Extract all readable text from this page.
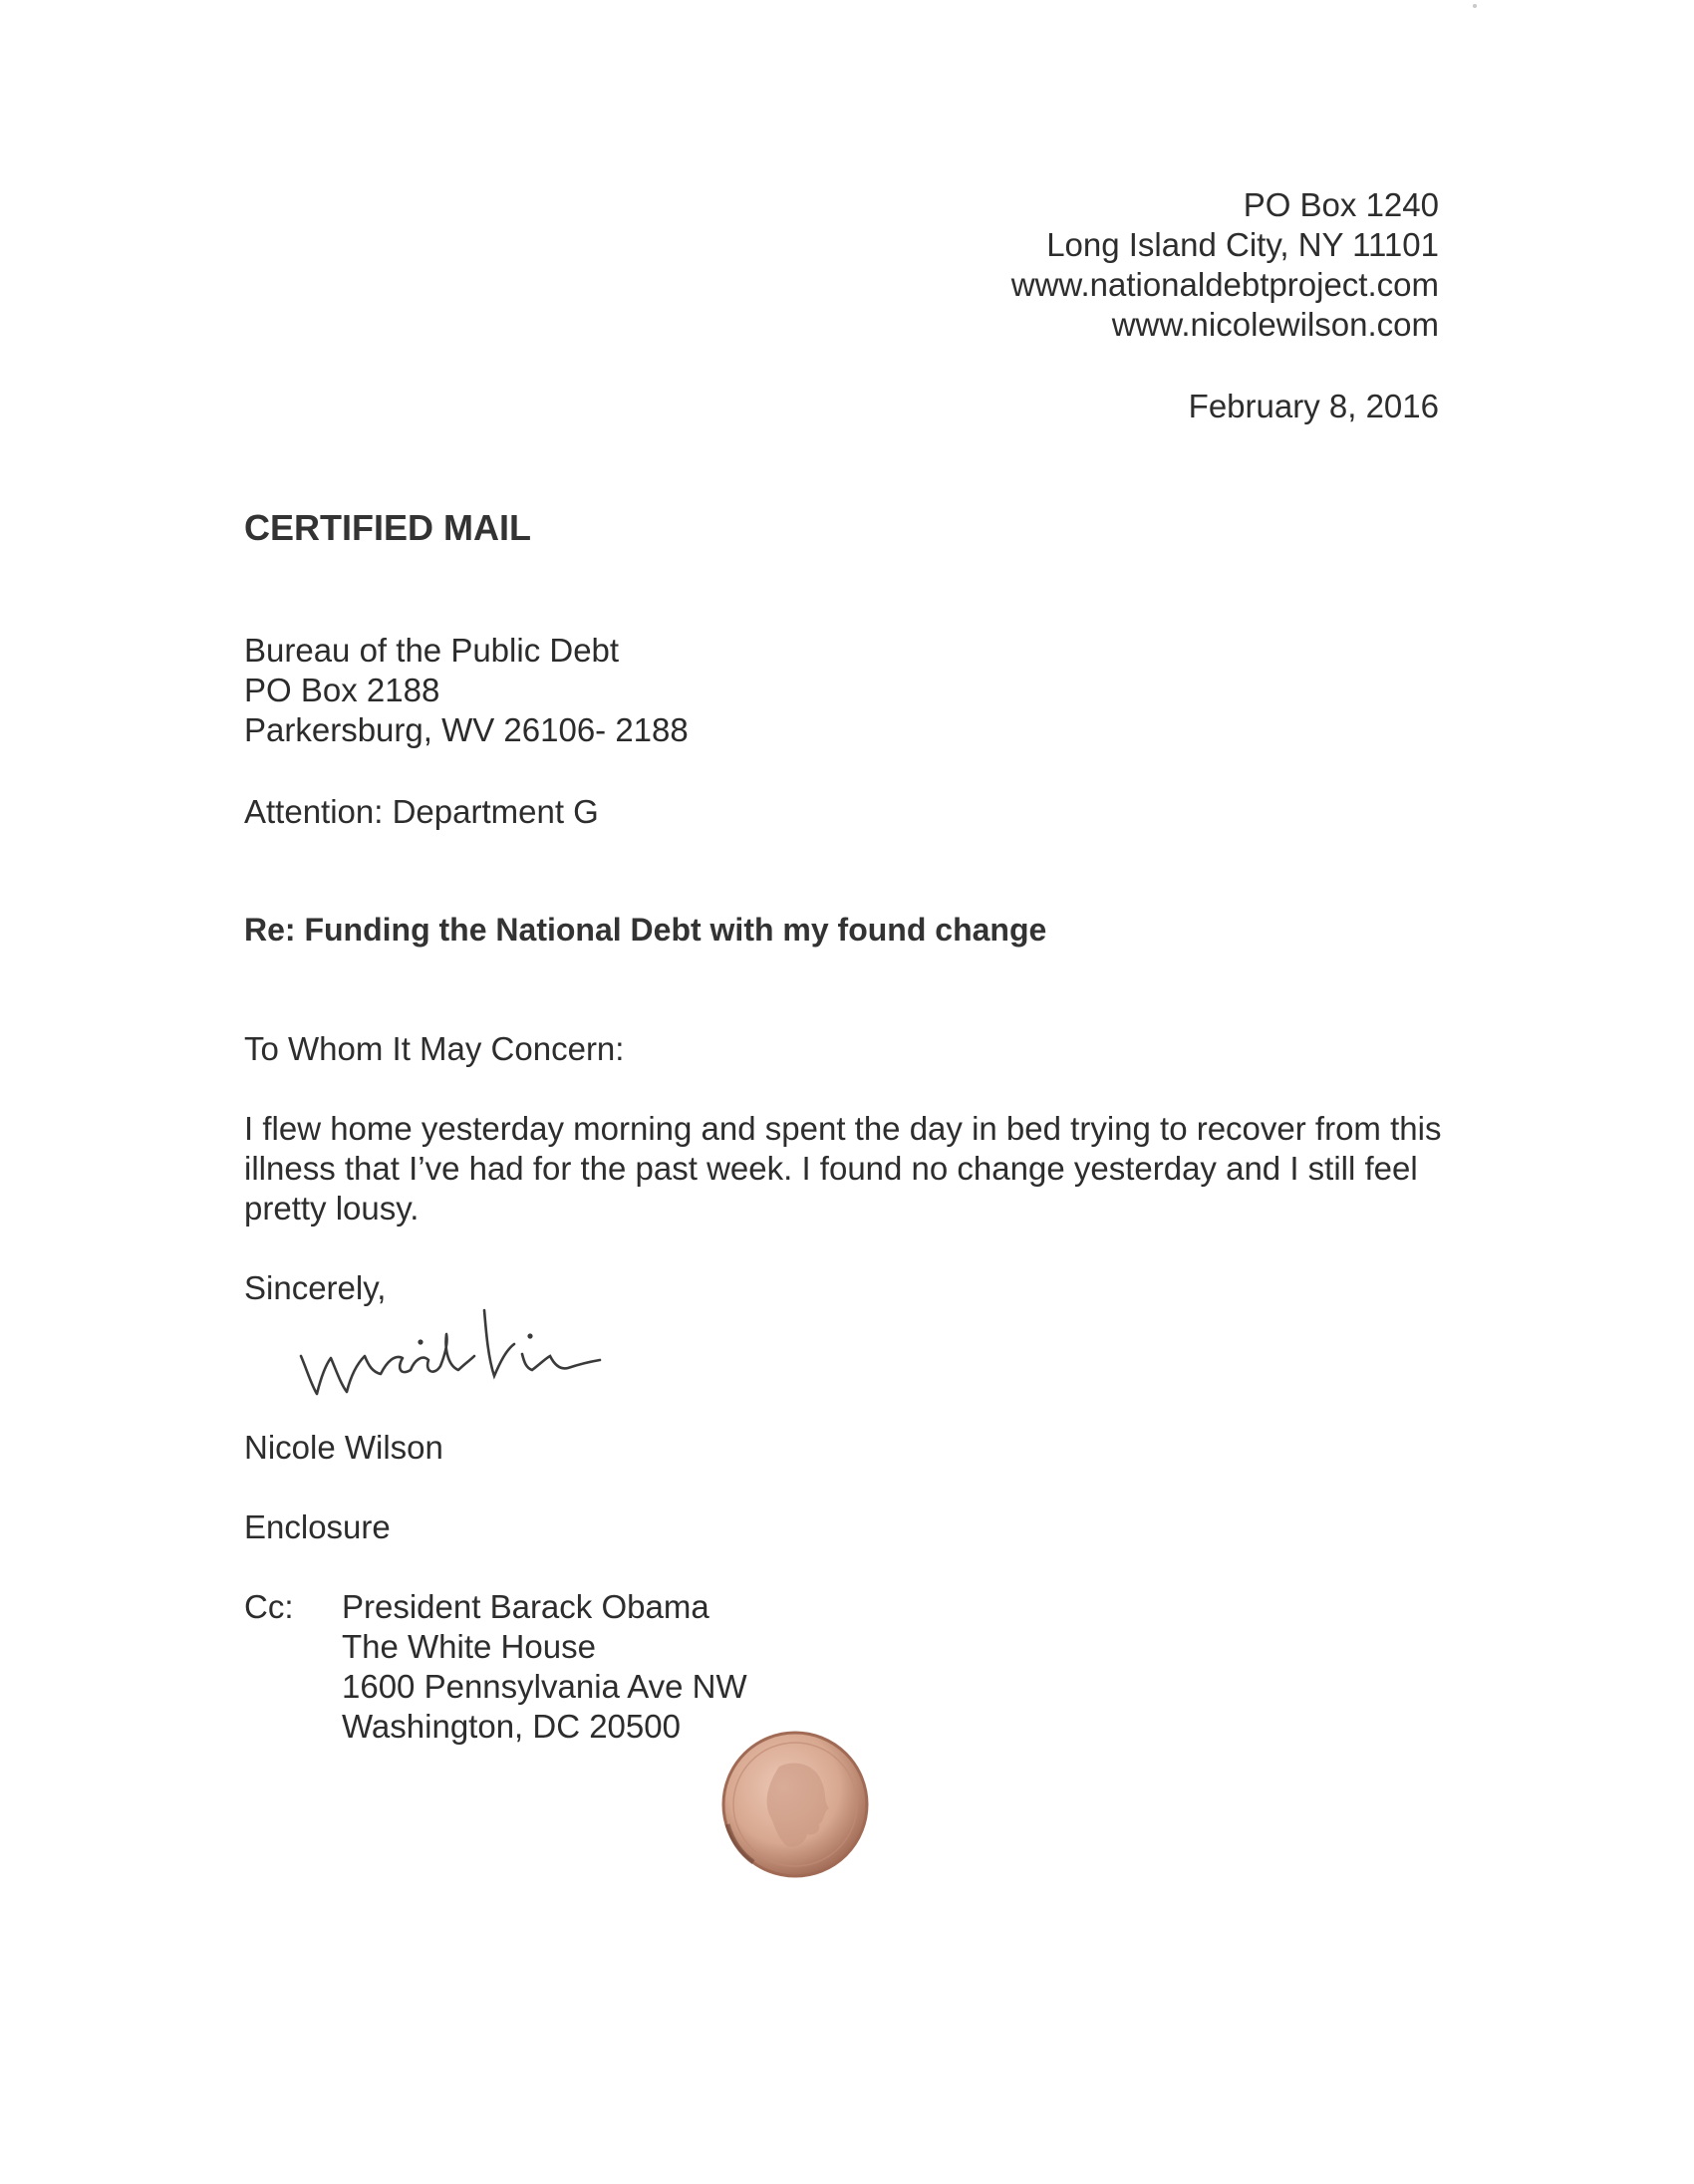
PO Box 1240
Long Island City, NY 11101
www.nationaldebtproject.com
www.nicolewilson.com
February 8, 2016
CERTIFIED MAIL
Bureau of the Public Debt
PO Box 2188
Parkersburg, WV 26106- 2188
Attention: Department G
Re: Funding the National Debt with my found change
To Whom It May Concern:
I flew home yesterday morning and spent the day in bed trying to recover from this illness that I’ve had for the past week. I found no change yesterday and I still feel pretty lousy.
Sincerely,
Nicole Wilson
Enclosure
Cc: President Barack Obama
The White House
1600 Pennsylvania Ave NW
Washington, DC 20500
